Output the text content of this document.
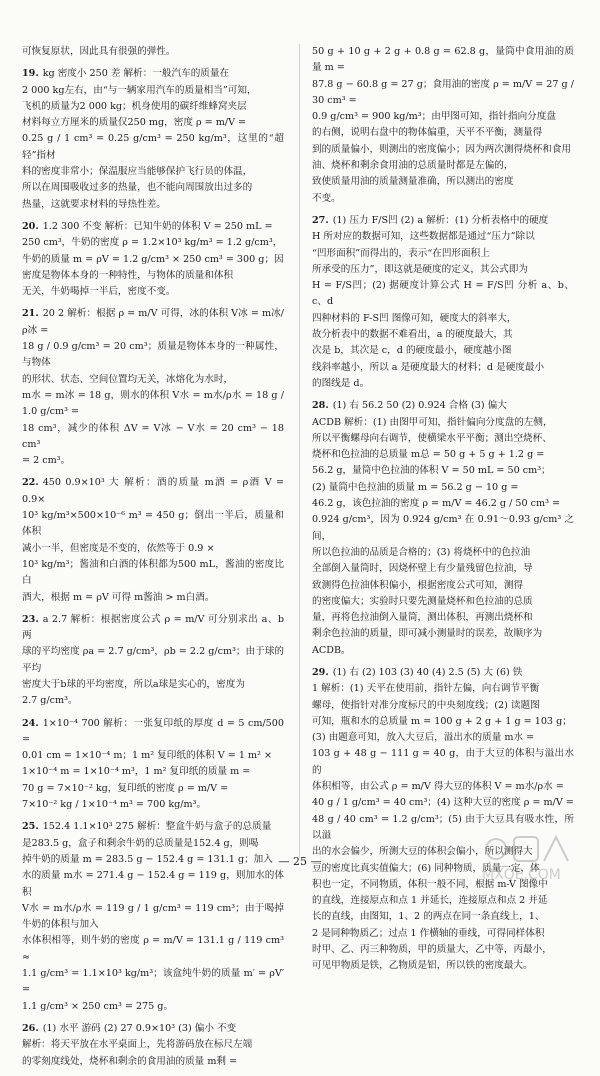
可恢复原状，因此具有很强的弹性。
19. kg 密度小 250 差 解析：一般汽车的质量在

2 000 kg左右，由“与一辆家用汽车的质量相当”可知，
飞机的质量为2 000 kg；机身使用的碳纤维蜂窝夹层
材料每立方厘米的质量仅250 mg，密度 ρ = m/V =
0.25 g / 1 cm³ = 0.25 g/cm³ = 250 kg/m³，这里的“超轻”指材
料的密度非常小；保温服应当能够保护飞行员的体温，
所以在周围吸收过多的热量，也不能向周围放出过多的
热量，这就要求材料的导热性差。
20. 1.2 300 不变 解析：已知牛奶的体积 V = 250 mL =

250 cm³，牛奶的密度 ρ = 1.2×10³ kg/m³ = 1.2 g/cm³，
牛奶的质量 m = ρV = 1.2 g/cm³ × 250 cm³ = 300 g；因
密度是物体本身的一种特性，与物体的质量和体积
无关，牛奶喝掉一半后，密度不变。
21. 20 2 解析：根据 ρ = m/V 可得，冰的体积 V冰 = m冰/ρ冰 =

18 g / 0.9 g/cm³ = 20 cm³；质量是物体本身的一种属性，与物体
的形状、状态、空间位置均无关，冰熔化为水时，
m水 = m冰 = 18 g，则水的体积 V水 = m水/ρ水 = 18 g / 1.0 g/cm³ =
18 cm³，减少的体积 ΔV = V冰 − V水 = 20 cm³ − 18 cm³
= 2 cm³。
22. 450 0.9×10³ 大 解析：酒的质量 m酒 = ρ酒 V = 0.9×

10³ kg/m³×500×10⁻⁶ m³ = 450 g；倒出一半后，质量和体积
减小一半，但密度是不变的，依然等于 0.9 ×
10³ kg/m³；酱油和白酒的体积都为500 mL，酱油的密度比白
酒大，根据 m = ρV 可得 m酱油 > m白酒。
23. a 2.7 解析：根据密度公式 ρ = m/V 可分别求出 a、b 两

球的平均密度 ρa = 2.7 g/cm³，ρb = 2.2 g/cm³；由于球的平均
密度大于b球的平均密度，所以a球是实心的，密度为
2.7 g/cm³。
24. 1×10⁻⁴ 700 解析：一张复印纸的厚度 d = 5 cm/500 =

0.01 cm = 1×10⁻⁴ m；1 m² 复印纸的体积 V = 1 m² ×
1×10⁻⁴ m = 1×10⁻⁴ m³，1 m² 复印纸的质量 m =
70 g = 7×10⁻² kg，复印纸的密度 ρ = m/V =
7×10⁻² kg / 1×10⁻⁴ m³ = 700 kg/m³。
25. 152.4 1.1×10³ 275 解析：整盒牛奶与盒子的总质量

是283.5 g，盒子和剩余牛奶的总质量是152.4 g，则喝
掉牛奶的质量 m = 283.5 g − 152.4 g = 131.1 g；加入
水的质量 m水 = 271.4 g − 152.4 g = 119 g，则加水的体积
V水 = m水/ρ水 = 119 g / 1 g/cm³ = 119 cm³；由于喝掉牛奶的体积与加入
水体积相等，则牛奶的密度 ρ = m/V = 131.1 g / 119 cm³ ≈
1.1 g/cm³ = 1.1×10³ kg/m³；该盒纯牛奶的质量 m′ = ρV′ =
1.1 g/cm³ × 250 cm³ = 275 g。
26. (1) 水平 游码 (2) 27 0.9×10³ (3) 偏小 不变

解析：将天平放在水平桌面上，先将游码放在标尺左端
的零刻度线处，烧杯和剩余的食用油的质量 m剩 =
50 g + 10 g + 2 g + 0.8 g = 62.8 g，量筒中食用油的质量 m =
87.8 g − 60.8 g = 27 g；食用油的密度 ρ = m/V = 27 g / 30 cm³ =
0.9 g/cm³ = 900 kg/m³；由甲图可知，指针指向分度盘
的右侧，说明右盘中的物体偏重，天平不平衡，测量得
到的质量偏小，则测出的密度偏小；因为两次测得烧杯和食用
油、烧杯和剩余食用油的总质量时都是左偏的，
致使质量用油的质量测量准确，所以测出的密度
不变。
27. (1) 压力 F/S凹 (2) a 解析：(1) 分析表格中的硬度

H 所对应的数据可知，这些数据都是通过“压力”除以
“凹形面积”而得出的，表示“在凹形面积上
所承受的压力”，即这就是硬度的定义，其公式即为
H = F/S凹；(2) 据硬度计算公式 H = F/S凹 分析 a、b、c、d
四种材料的 F-S凹 图像可知，硬度大的斜率大，
故分析表中的数据不难看出，a 的硬度最大，其
次是 b，其次是 c，d 的硬度最小，硬度越小图
线斜率越小，所以 a 是硬度最大的材料；d 是硬度最小
的图线是 d。
28. (1) 右 56.2 50 (2) 0.924 合格 (3) 偏大

ACDB 解析：(1) 由图甲可知，指针偏向分度盘的左侧，
所以平衡螺母向右调节，使横梁水平平衡；测出空烧杯、
烧杯和色拉油的总质量 m总 = 50 g + 5 g + 1.2 g =
56.2 g，量筒中色拉油的体积 V = 50 mL = 50 cm³；
(2) 量筒中色拉油的质量 m = 56.2 g − 10 g =
46.2 g，该色拉油的密度 ρ = m/V = 46.2 g / 50 cm³ =
0.924 g/cm³，因为 0.924 g/cm³ 在 0.91～0.93 g/cm³ 之间，
所以色拉油的品质是合格的；(3) 将烧杯中的色拉油
全部倒入量筒时，因烧杯壁上有少量残留色拉油，导
致测得色拉油体积偏小，根据密度公式可知，测得
的密度偏大；实验时只要先测量烧杯和色拉油的总质
量，再将色拉油倒入量筒，测出体积，再测出烧杯和
剩余色拉油的质量，即可减小测量时的误差，故顺序为
ACDB。
29. (1) 右 (2) 103 (3) 40 (4) 2.5 (5) 大 (6) 铁

1 解析：(1) 天平在使用前，指针左偏，向右调节平衡
螺母，使指针对准分度标尺的中央刻度线；(2) 读题图
可知，瓶和水的总质量 m = 100 g + 2 g + 1 g = 103 g；
(3) 由题意可知，放入大豆后，溢出水的质量 m水 =
103 g + 48 g − 111 g = 40 g，由于大豆的体积与溢出水的
体积相等，由公式 ρ = m/V 得大豆的体积 V = m水/ρ水 =
40 g / 1 g/cm³ = 40 cm³；(4) 这种大豆的密度 ρ = m/V =
48 g / 40 cm³ = 1.2 g/cm³；(5) 由于大豆具有吸水性，所以溢
出的水会偏少，所测大豆的体积会偏小，所以测得大
豆的密度比真实值偏大；(6) 同种物质，质量一定，体
积也一定，不同物质，体积一般不同，根据 m-V 图像中
的直线，连接原点和点 1 并延长，连接原点和点 2 并延
长的直线，由图知，1、2 的两点在同一条直线上，1、
2 是同种物质乙；过点 1 作横轴的垂线，可得同样体积
时甲、乙、丙三种物质，甲的质量大，乙中等，丙最小，
可见甲物质是铁，乙物质是铝，所以铁的密度最大。
— 25 —
MXQE.COM
